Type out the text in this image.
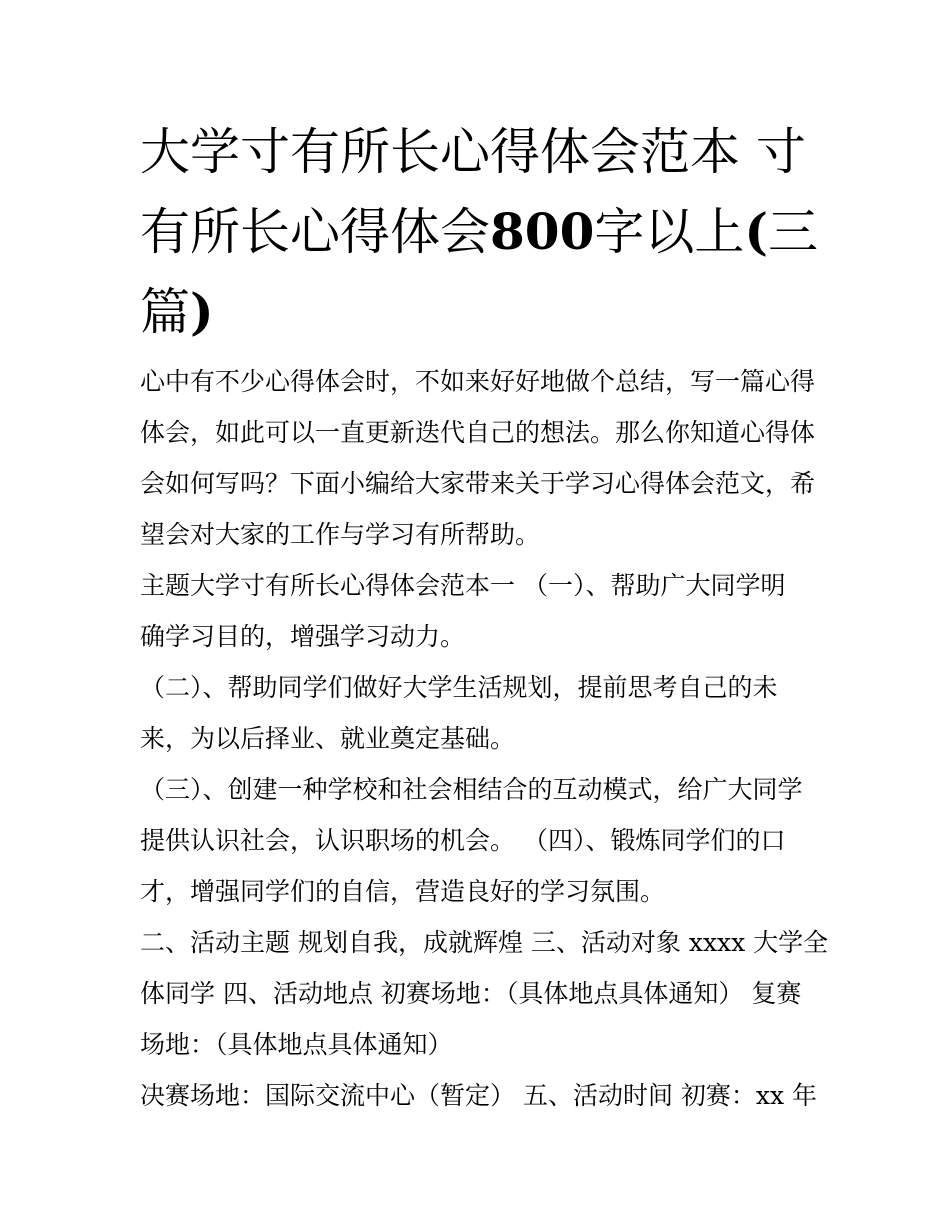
大学寸有所长心得体会范本 寸
有所长心得体会800字以上(三
篇)

心中有不少心得体会时，不如来好好地做个总结，写一篇心得
体会，如此可以一直更新迭代自己的想法。那么你知道心得体
会如何写吗？下面小编给大家带来关于学习心得体会范文，希
望会对大家的工作与学习有所帮助。

主题大学寸有所长心得体会范本一 （一）、帮助广大同学明
确学习目的，增强学习动力。

（二）、帮助同学们做好大学生活规划，提前思考自己的未
来，为以后择业、就业奠定基础。

（三）、创建一种学校和社会相结合的互动模式，给广大同学
提供认识社会，认识职场的机会。 （四）、锻炼同学们的口
才，增强同学们的自信，营造良好的学习氛围。

二、活动主题 规划自我，成就辉煌 三、活动对象 xxxx 大学全
体同学 四、活动地点 初赛场地：（具体地点具体通知） 复赛
场地：（具体地点具体通知）

决赛场地：国际交流中心（暂定） 五、活动时间 初赛：xx 年
